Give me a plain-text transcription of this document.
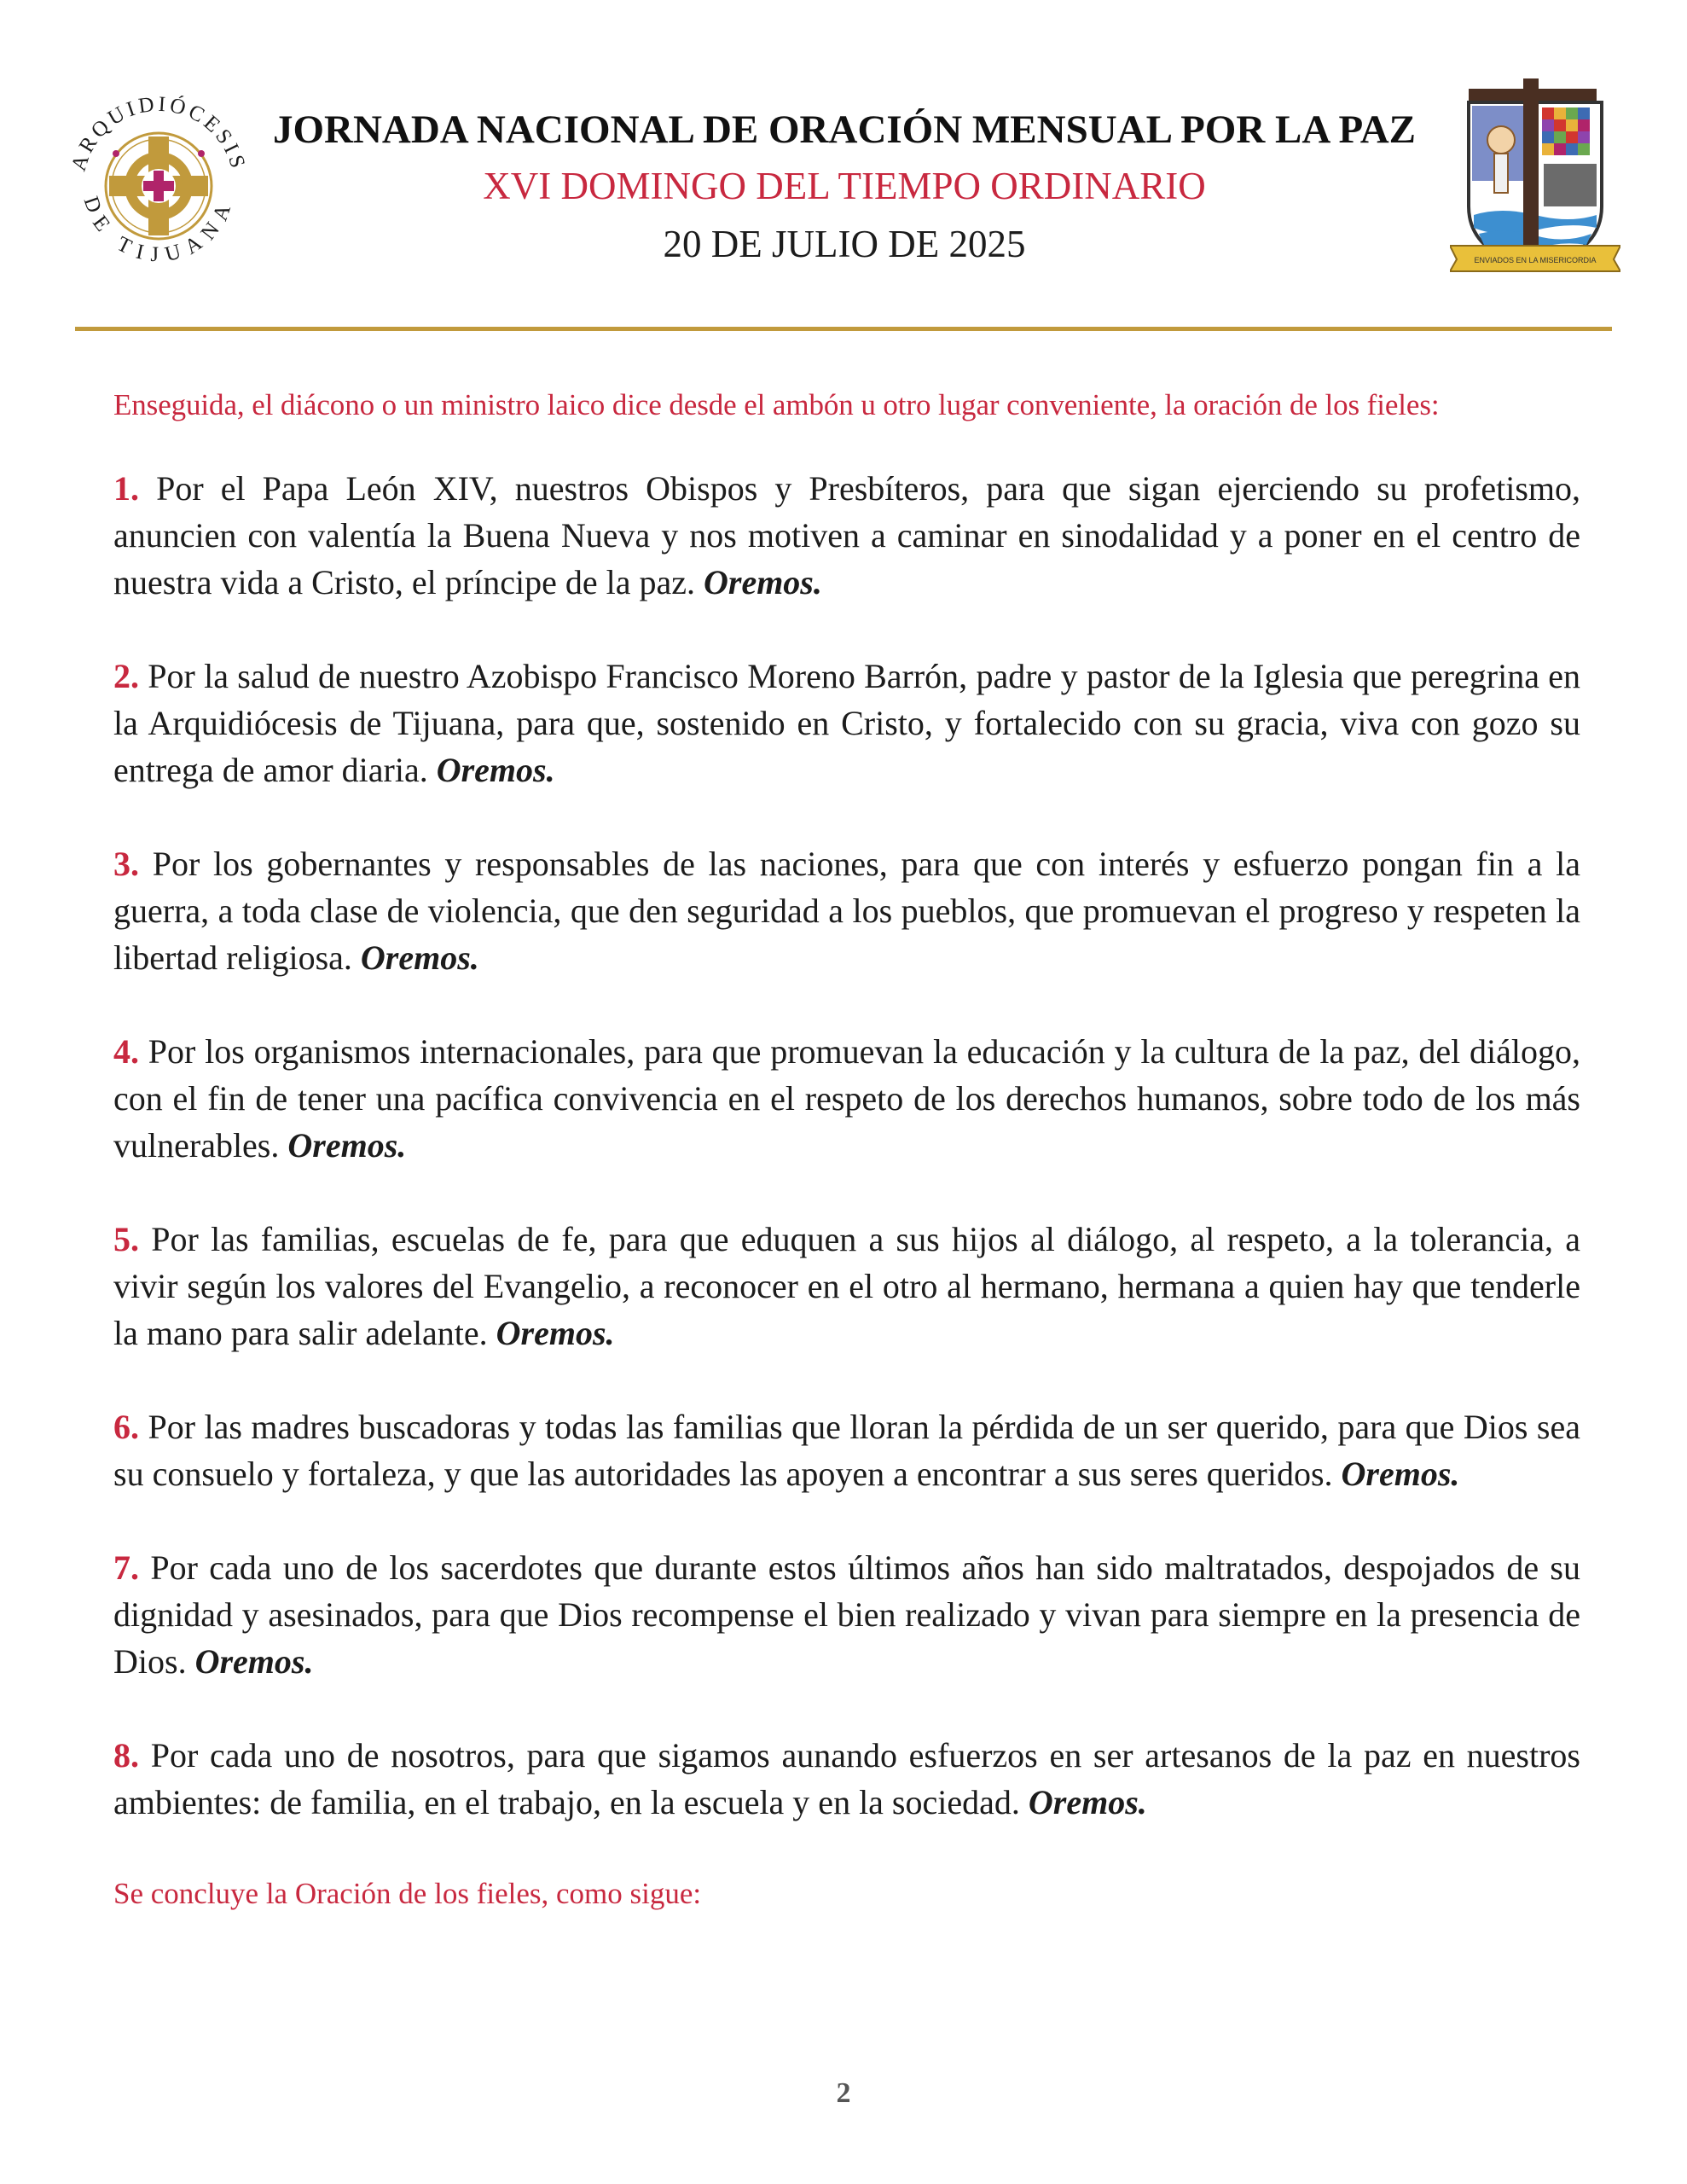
ARQUIDIÓCESIS
DE TIJUANA
JORNADA NACIONAL DE ORACIÓN MENSUAL POR LA PAZ
XVI DOMINGO DEL TIEMPO ORDINARIO
20 DE JULIO DE 2025	ENVIADOS EN LA MISERICORDIA

Enseguida, el diácono o un ministro laico dice desde el ambón u otro lugar conveniente, la oración de los fieles:

1. Por el Papa León XIV, nuestros Obispos y Presbíteros, para que sigan ejerciendo su profetismo, anuncien con valentía la Buena Nueva y nos motiven a caminar en sinodalidad y a poner en el centro de nuestra vida a Cristo, el príncipe de la paz. Oremos.

2. Por la salud de nuestro Azobispo Francisco Moreno Barrón, padre y pastor de la Iglesia que peregrina en la Arquidiócesis de Tijuana, para que, sostenido en Cristo, y fortalecido con su gracia, viva con gozo su entrega de amor diaria. Oremos.

3. Por los gobernantes y responsables de las naciones, para que con interés y esfuerzo pongan fin a la guerra, a toda clase de violencia, que den seguridad a los pueblos, que promuevan el progreso y respeten la libertad religiosa. Oremos.

4. Por los organismos internacionales, para que promuevan la educación y la cultura de la paz, del diálogo, con el fin de tener una pacífica convivencia en el respeto de los derechos humanos, sobre todo de los más vulnerables. Oremos.

5. Por las familias, escuelas de fe, para que eduquen a sus hijos al diálogo, al respeto, a la tolerancia, a vivir según los valores del Evangelio, a reconocer en el otro al hermano, hermana a quien hay que tenderle la mano para salir adelante. Oremos.

6. Por las madres buscadoras y todas las familias que lloran la pérdida de un ser querido, para que Dios sea su consuelo y fortaleza, y que las autoridades las apoyen a encontrar a sus seres queridos. Oremos.

7. Por cada uno de los sacerdotes que durante estos últimos años han sido maltratados, despojados de su dignidad y asesinados, para que Dios recompense el bien realizado y vivan para siempre en la presencia de Dios. Oremos.

8. Por cada uno de nosotros, para que sigamos aunando esfuerzos en ser artesanos de la paz en nuestros ambientes: de familia, en el trabajo, en la escuela y en la sociedad. Oremos.

Se concluye la Oración de los fieles, como sigue:

2
